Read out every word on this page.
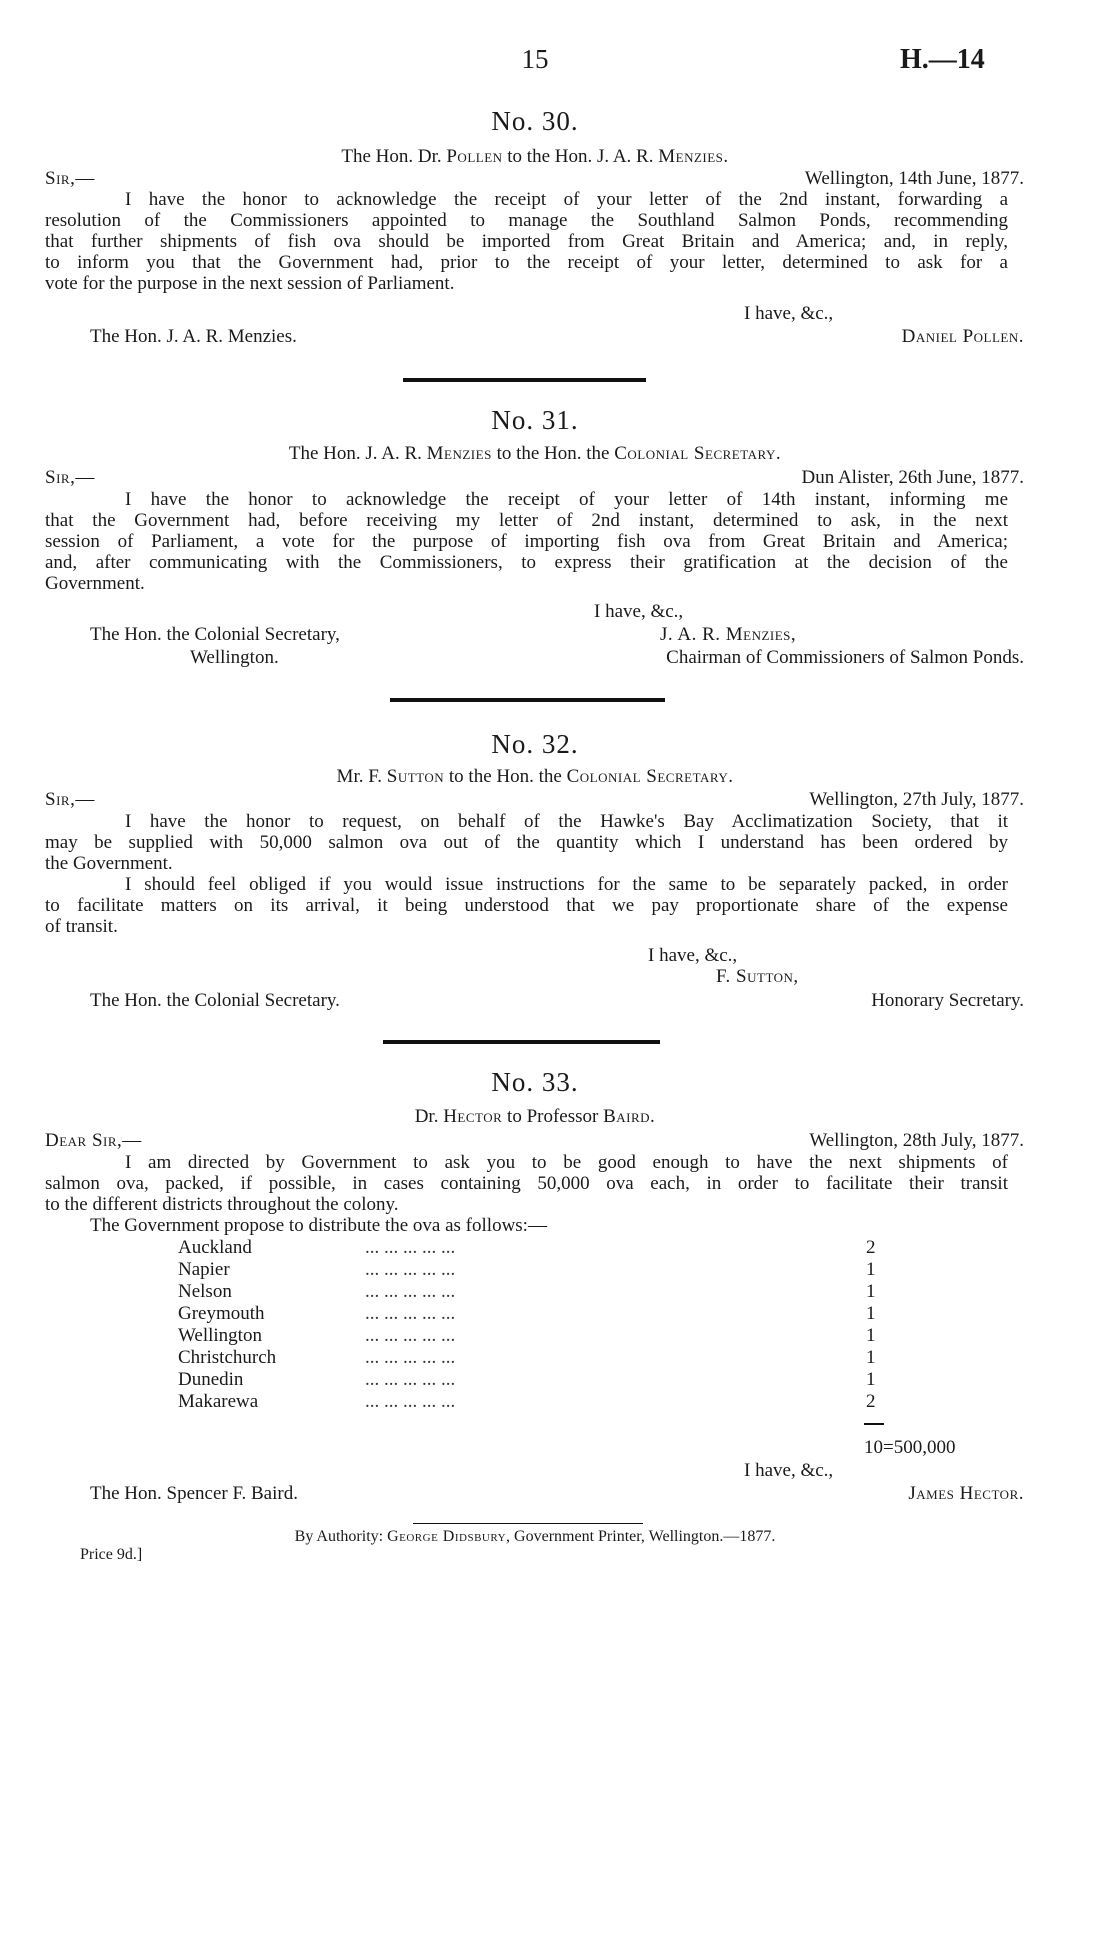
15	H.—14
No. 30.
The Hon. Dr. Pollen to the Hon. J. A. R. Menzies.
Sir,—	Wellington, 14th June, 1877.
I have the honor to acknowledge the receipt of your letter of the 2nd instant, forwarding a
resolution of the Commissioners appointed to manage the Southland Salmon Ponds, recommending
that further shipments of fish ova should be imported from Great Britain and America; and, in reply,
to inform you that the Government had, prior to the receipt of your letter, determined to ask for a
vote for the purpose in the next session of Parliament.
I have, &c.,
The Hon. J. A. R. Menzies.	Daniel Pollen.
No. 31.
The Hon. J. A. R. Menzies to the Hon. the Colonial Secretary.
Sir,—	Dun Alister, 26th June, 1877.
I have the honor to acknowledge the receipt of your letter of 14th instant, informing me
that the Government had, before receiving my letter of 2nd instant, determined to ask, in the next
session of Parliament, a vote for the purpose of importing fish ova from Great Britain and America;
and, after communicating with the Commissioners, to express their gratification at the decision of the
Government.
I have, &c.,
The Hon. the Colonial Secretary,	J. A. R. Menzies,
Wellington.	Chairman of Commissioners of Salmon Ponds.
No. 32.
Mr. F. Sutton to the Hon. the Colonial Secretary.
Sir,—	Wellington, 27th July, 1877.
I have the honor to request, on behalf of the Hawke's Bay Acclimatization Society, that it
may be supplied with 50,000 salmon ova out of the quantity which I understand has been ordered by
the Government.
I should feel obliged if you would issue instructions for the same to be separately packed, in order
to facilitate matters on its arrival, it being understood that we pay proportionate share of the expense
of transit.
I have, &c.,
F. Sutton,
The Hon. the Colonial Secretary.	Honorary Secretary.
No. 33.
Dr. Hector to Professor Baird.
Dear Sir,—	Wellington, 28th July, 1877.
I am directed by Government to ask you to be good enough to have the next shipments of
salmon ova, packed, if possible, in cases containing 50,000 ova each, in order to facilitate their transit
to the different districts throughout the colony.
The Government propose to distribute the ova as follows:—
Auckland	... ... ... ... ...	2
Napier	... ... ... ... ...	1
Nelson	... ... ... ... ...	1
Greymouth	... ... ... ... ...	1
Wellington	... ... ... ... ...	1
Christchurch	... ... ... ... ...	1
Dunedin	... ... ... ... ...	1
Makarewa	... ... ... ... ...	2
10=500,000
I have, &c.,
The Hon. Spencer F. Baird.	James Hector.
By Authority: George Didsbury, Government Printer, Wellington.—1877.
Price 9d.]
